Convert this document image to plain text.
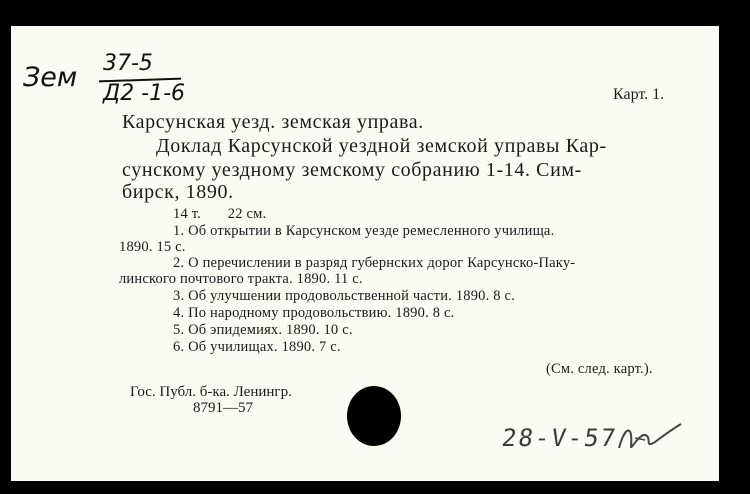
Зем 37-5
Д2 -1-6	Карт. 1.
Карсунская уезд. земская управа.
Доклад Карсунской уездной земской управы Кар-
сунскому уездному земскому собранию 1-14. Сим-
бирск, 1890.
14 т.       22 см.
1. Об открытии в Карсунском уезде ремесленного училища.
1890. 15 с.
2. О перечислении в разряд губернских дорог Карсунско-Паку-
линского почтового тракта. 1890. 11 с.
3. Об улучшении продовольственной части. 1890. 8 с.
4. По народному продовольствию. 1890. 8 с.
5. Об эпидемиях. 1890. 10 с.
6. Об училищах. 1890. 7 с.
(См. след. карт.).
Гос. Публ. б-ка. Ленингр.
8791—57
28-V-57
